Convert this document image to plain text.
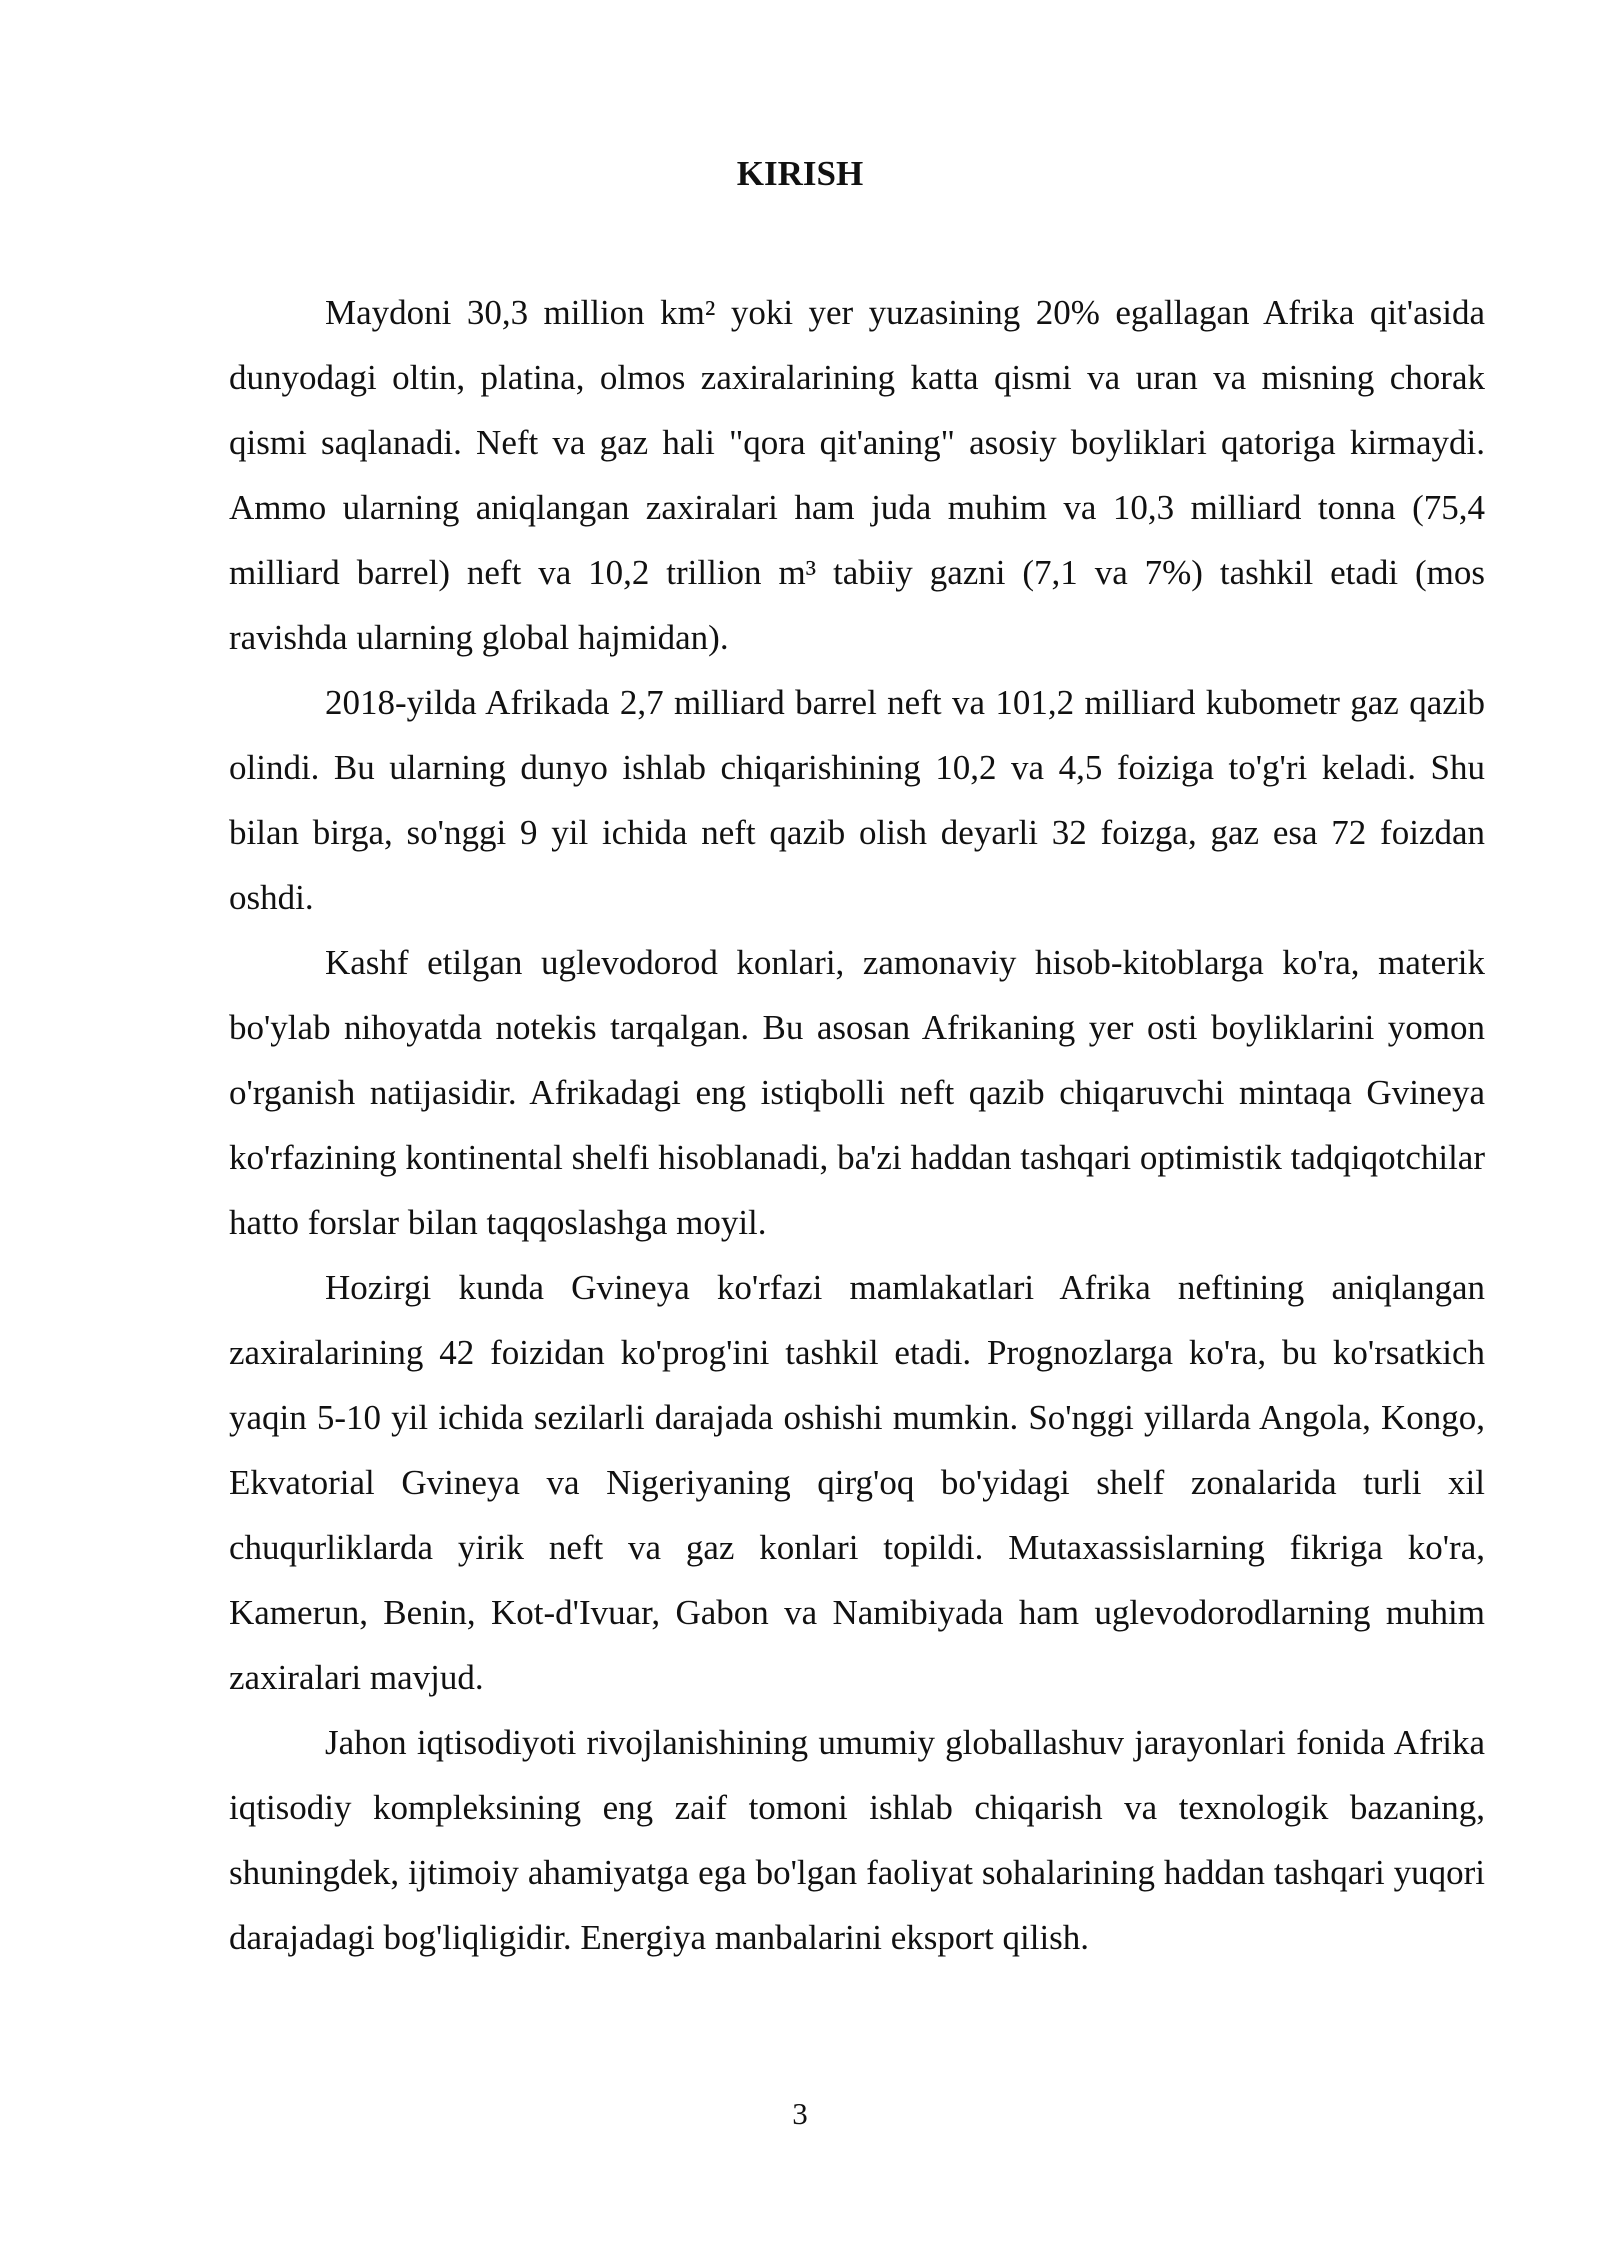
KIRISH

Maydoni 30,3 million km² yoki yer yuzasining 20% egallagan Afrika qit'asida dunyodagi oltin, platina, olmos zaxiralarining katta qismi va uran va misning chorak qismi saqlanadi. Neft va gaz hali "qora qit'aning" asosiy boyliklari qatoriga kirmaydi. Ammo ularning aniqlangan zaxiralari ham juda muhim va 10,3 milliard tonna (75,4 milliard barrel) neft va 10,2 trillion m³ tabiiy gazni (7,1 va 7%) tashkil etadi (mos ravishda ularning global hajmidan).

2018-yilda Afrikada 2,7 milliard barrel neft va 101,2 milliard kubometr gaz qazib olindi. Bu ularning dunyo ishlab chiqarishining 10,2 va 4,5 foiziga to'g'ri keladi. Shu bilan birga, so'nggi 9 yil ichida neft qazib olish deyarli 32 foizga, gaz esa 72 foizdan oshdi.

Kashf etilgan uglevodorod konlari, zamonaviy hisob-kitoblarga ko'ra, materik bo'ylab nihoyatda notekis tarqalgan. Bu asosan Afrikaning yer osti boyliklarini yomon o'rganish natijasidir. Afrikadagi eng istiqbolli neft qazib chiqaruvchi mintaqa Gvineya ko'rfazining kontinental shelfi hisoblanadi, ba'zi haddan tashqari optimistik tadqiqotchilar hatto forslar bilan taqqoslashga moyil.

Hozirgi kunda Gvineya ko'rfazi mamlakatlari Afrika neftining aniqlangan zaxiralarining 42 foizidan ko'prog'ini tashkil etadi. Prognozlarga ko'ra, bu ko'rsatkich yaqin 5-10 yil ichida sezilarli darajada oshishi mumkin. So'nggi yillarda Angola, Kongo, Ekvatorial Gvineya va Nigeriyaning qirg'oq bo'yidagi shelf zonalarida turli xil chuqurliklarda yirik neft va gaz konlari topildi. Mutaxassislarning fikriga ko'ra, Kamerun, Benin, Kot-d'Ivuar, Gabon va Namibiyada ham uglevodorodlarning muhim zaxiralari mavjud.

Jahon iqtisodiyoti rivojlanishining umumiy globallashuv jarayonlari fonida Afrika iqtisodiy kompleksining eng zaif tomoni ishlab chiqarish va texnologik bazaning, shuningdek, ijtimoiy ahamiyatga ega bo'lgan faoliyat sohalarining haddan tashqari yuqori darajadagi bog'liqligidir. Energiya manbalarini eksport qilish.

3
